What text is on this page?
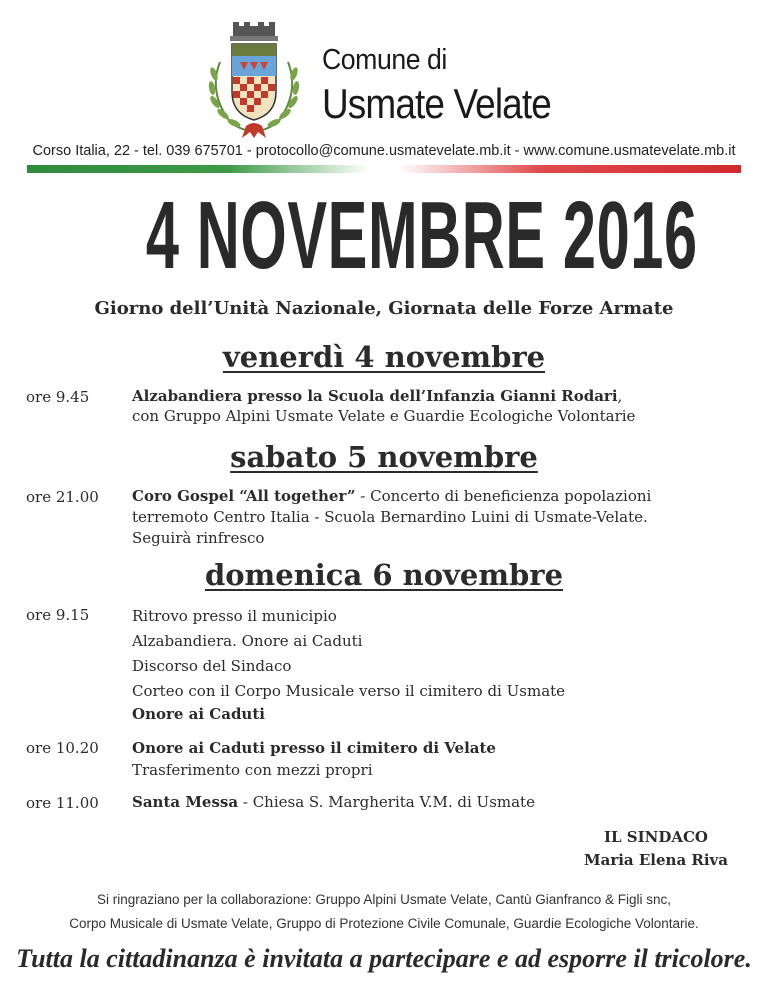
Comune di
Usmate Velate
Corso Italia, 22 - tel. 039 675701 - protocollo@comune.usmatevelate.mb.it - www.comune.usmatevelate.mb.it
4 NOVEMBRE 2016
Giorno dell’Unità Nazionale, Giornata delle Forze Armate
venerdì 4 novembre
ore 9.45	Alzabandiera presso la Scuola dell’Infanzia Gianni Rodari,
con Gruppo Alpini Usmate Velate e Guardie Ecologiche Volontarie
sabato 5 novembre
ore 21.00 Coro Gospel “All together” - Concerto di beneficienza popolazioni
terremoto Centro Italia - Scuola Bernardino Luini di Usmate-Velate.
Seguirà rinfresco
domenica 6 novembre
ore 9.15	Ritrovo presso il municipio
Alzabandiera. Onore ai Caduti
Discorso del Sindaco
Corteo con il Corpo Musicale verso il cimitero di Usmate
Onore ai Caduti
ore 10.20 Onore ai Caduti presso il cimitero di Velate
Trasferimento con mezzi propri
ore 11.00 Santa Messa - Chiesa S. Margherita V.M. di Usmate
IL SINDACO
Maria Elena Riva
Si ringraziano per la collaborazione: Gruppo Alpini Usmate Velate, Cantù Gianfranco & Figli snc,
Corpo Musicale di Usmate Velate, Gruppo di Protezione Civile Comunale, Guardie Ecologiche Volontarie.
Tutta la cittadinanza è invitata a partecipare e ad esporre il tricolore.
